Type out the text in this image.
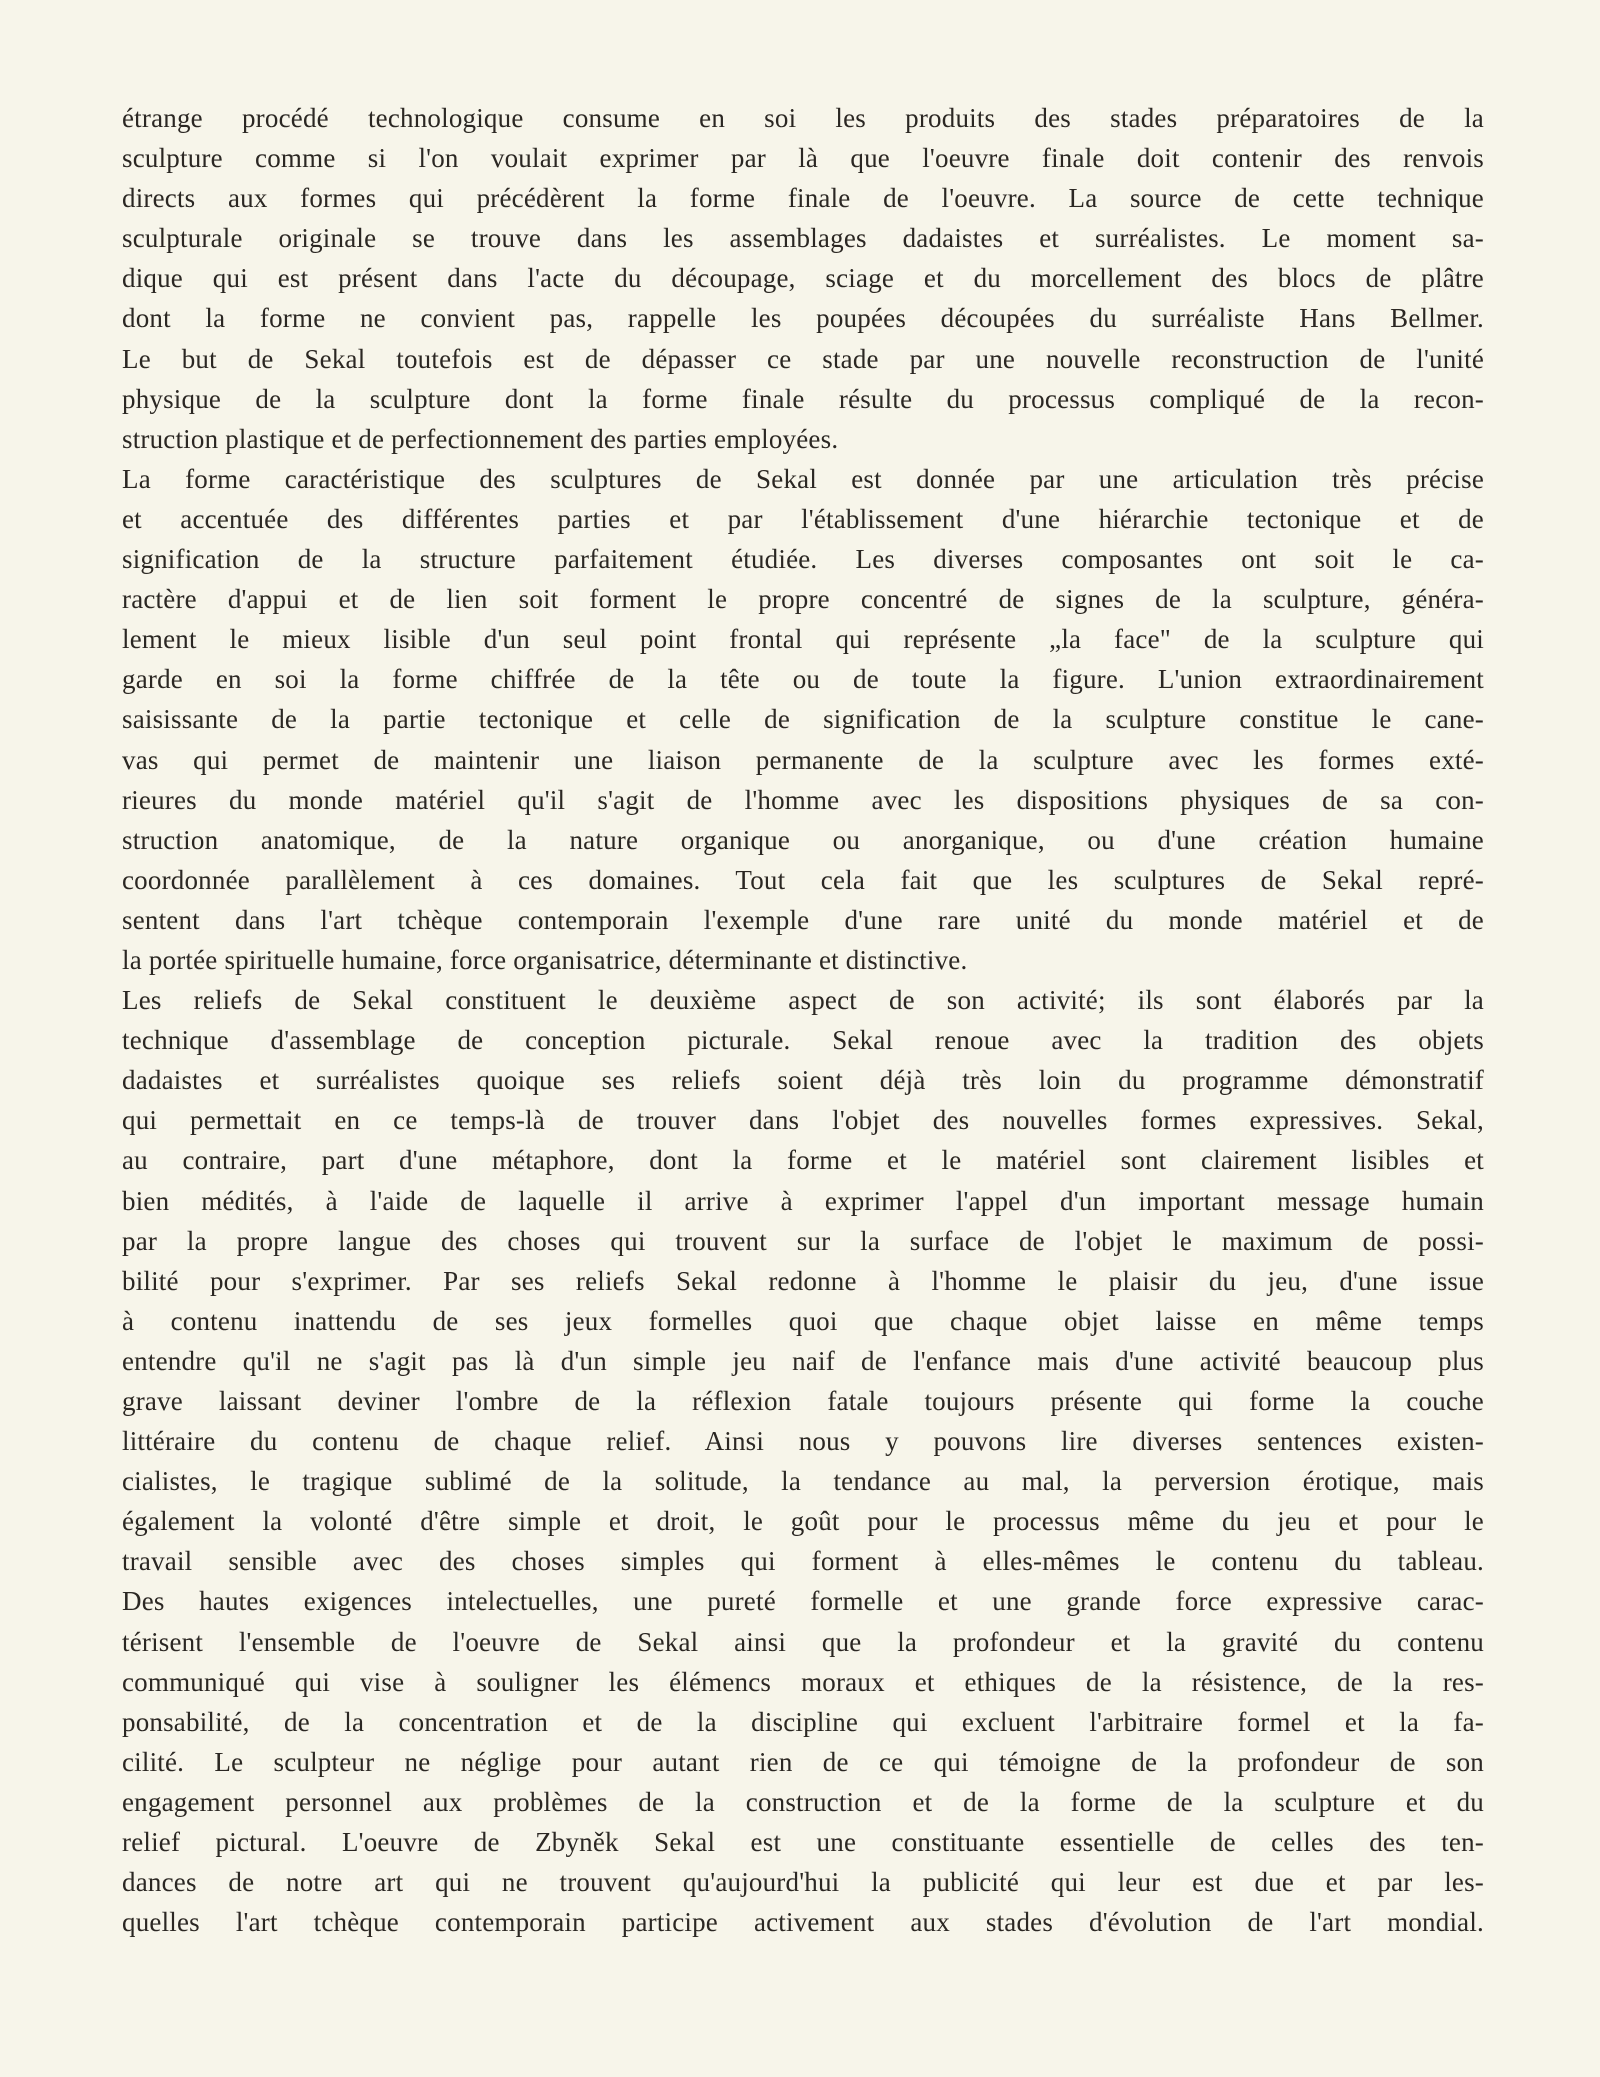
étrange procédé technologique consume en soi les produits des stades préparatoires de la
sculpture comme si l'on voulait exprimer par là que l'oeuvre finale doit contenir des renvois
directs aux formes qui précédèrent la forme finale de l'oeuvre. La source de cette technique
sculpturale originale se trouve dans les assemblages dadaistes et surréalistes. Le moment sa-
dique qui est présent dans l'acte du découpage, sciage et du morcellement des blocs de plâtre
dont la forme ne convient pas, rappelle les poupées découpées du surréaliste Hans Bellmer.
Le but de Sekal toutefois est de dépasser ce stade par une nouvelle reconstruction de l'unité
physique de la sculpture dont la forme finale résulte du processus compliqué de la recon-
struction plastique et de perfectionnement des parties employées.
La forme caractéristique des sculptures de Sekal est donnée par une articulation très précise
et accentuée des différentes parties et par l'établissement d'une hiérarchie tectonique et de
signification de la structure parfaitement étudiée. Les diverses composantes ont soit le ca-
ractère d'appui et de lien soit forment le propre concentré de signes de la sculpture, généra-
lement le mieux lisible d'un seul point frontal qui représente „la face" de la sculpture qui
garde en soi la forme chiffrée de la tête ou de toute la figure. L'union extraordinairement
saisissante de la partie tectonique et celle de signification de la sculpture constitue le cane-
vas qui permet de maintenir une liaison permanente de la sculpture avec les formes exté-
rieures du monde matériel qu'il s'agit de l'homme avec les dispositions physiques de sa con-
struction anatomique, de la nature organique ou anorganique, ou d'une création humaine
coordonnée parallèlement à ces domaines. Tout cela fait que les sculptures de Sekal repré-
sentent dans l'art tchèque contemporain l'exemple d'une rare unité du monde matériel et de
la portée spirituelle humaine, force organisatrice, déterminante et distinctive.
Les reliefs de Sekal constituent le deuxième aspect de son activité; ils sont élaborés par la
technique d'assemblage de conception picturale. Sekal renoue avec la tradition des objets
dadaistes et surréalistes quoique ses reliefs soient déjà très loin du programme démonstratif
qui permettait en ce temps-là de trouver dans l'objet des nouvelles formes expressives. Sekal,
au contraire, part d'une métaphore, dont la forme et le matériel sont clairement lisibles et
bien médités, à l'aide de laquelle il arrive à exprimer l'appel d'un important message humain
par la propre langue des choses qui trouvent sur la surface de l'objet le maximum de possi-
bilité pour s'exprimer. Par ses reliefs Sekal redonne à l'homme le plaisir du jeu, d'une issue
à contenu inattendu de ses jeux formelles quoi que chaque objet laisse en même temps
entendre qu'il ne s'agit pas là d'un simple jeu naif de l'enfance mais d'une activité beaucoup plus
grave laissant deviner l'ombre de la réflexion fatale toujours présente qui forme la couche
littéraire du contenu de chaque relief. Ainsi nous y pouvons lire diverses sentences existen-
cialistes, le tragique sublimé de la solitude, la tendance au mal, la perversion érotique, mais
également la volonté d'être simple et droit, le goût pour le processus même du jeu et pour le
travail sensible avec des choses simples qui forment à elles-mêmes le contenu du tableau.
Des hautes exigences intelectuelles, une pureté formelle et une grande force expressive carac-
térisent l'ensemble de l'oeuvre de Sekal ainsi que la profondeur et la gravité du contenu
communiqué qui vise à souligner les élémencs moraux et ethiques de la résistence, de la res-
ponsabilité, de la concentration et de la discipline qui excluent l'arbitraire formel et la fa-
cilité. Le sculpteur ne néglige pour autant rien de ce qui témoigne de la profondeur de son
engagement personnel aux problèmes de la construction et de la forme de la sculpture et du
relief pictural. L'oeuvre de Zbyněk Sekal est une constituante essentielle de celles des ten-
dances de notre art qui ne trouvent qu'aujourd'hui la publicité qui leur est due et par les-
quelles l'art tchèque contemporain participe activement aux stades d'évolution de l'art mondial.
